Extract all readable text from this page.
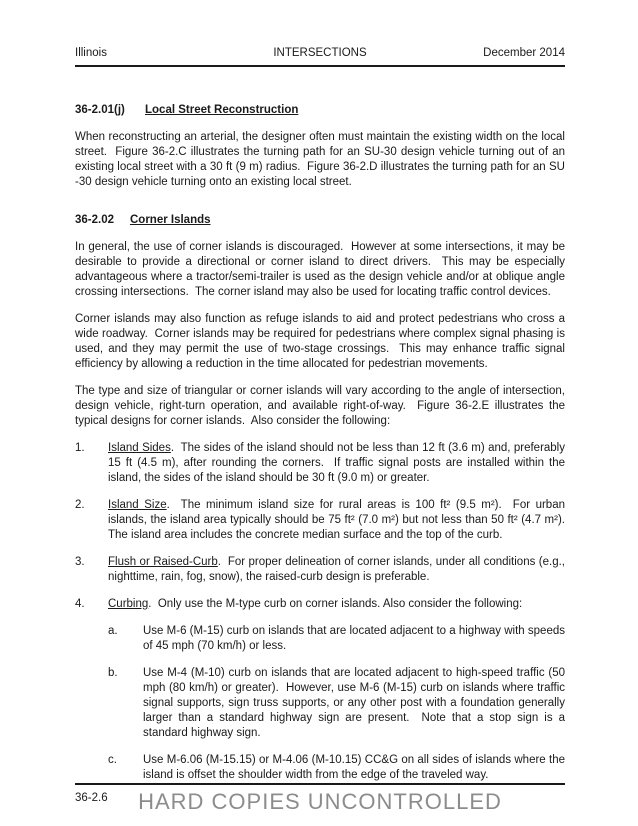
Illinois	INTERSECTIONS	December 2014
36-2.01(j) Local Street Reconstruction
When reconstructing an arterial, the designer often must maintain the existing width on the local street.  Figure 36-2.C illustrates the turning path for an SU-30 design vehicle turning out of an existing local street with a 30 ft (9 m) radius.  Figure 36-2.D illustrates the turning path for an SU -30 design vehicle turning onto an existing local street.
36-2.02 Corner Islands
In general, the use of corner islands is discouraged.  However at some intersections, it may be desirable to provide a directional or corner island to direct drivers.  This may be especially advantageous where a tractor/semi-trailer is used as the design vehicle and/or at oblique angle crossing intersections.  The corner island may also be used for locating traffic control devices.
Corner islands may also function as refuge islands to aid and protect pedestrians who cross a wide roadway.  Corner islands may be required for pedestrians where complex signal phasing is used, and they may permit the use of two-stage crossings.  This may enhance traffic signal efficiency by allowing a reduction in the time allocated for pedestrian movements.
The type and size of triangular or corner islands will vary according to the angle of intersection, design vehicle, right-turn operation, and available right-of-way.  Figure 36-2.E illustrates the typical designs for corner islands.  Also consider the following:
1.	Island Sides.  The sides of the island should not be less than 12 ft (3.6 m) and, preferably 15 ft (4.5 m), after rounding the corners.  If traffic signal posts are installed within the island, the sides of the island should be 30 ft (9.0 m) or greater.
2.	Island Size.  The minimum island size for rural areas is 100 ft² (9.5 m²).  For urban islands, the island area typically should be 75 ft² (7.0 m²) but not less than 50 ft² (4.7 m²).  The island area includes the concrete median surface and the top of the curb.
3.	Flush or Raised-Curb.  For proper delineation of corner islands, under all conditions (e.g., nighttime, rain, fog, snow), the raised-curb design is preferable.
4.	Curbing.  Only use the M-type curb on corner islands. Also consider the following:
a.	Use M-6 (M-15) curb on islands that are located adjacent to a highway with speeds of 45 mph (70 km/h) or less.
b.	Use M-4 (M-10) curb on islands that are located adjacent to high-speed traffic (50 mph (80 km/h) or greater).  However, use M-6 (M-15) curb on islands where traffic signal supports, sign truss supports, or any other post with a foundation generally larger than a standard highway sign are present.  Note that a stop sign is a standard highway sign.
c.	Use M-6.06 (M-15.15) or M-4.06 (M-10.15) CC&G on all sides of islands where the island is offset the shoulder width from the edge of the traveled way.
36-2.6	HARD COPIES UNCONTROLLED
